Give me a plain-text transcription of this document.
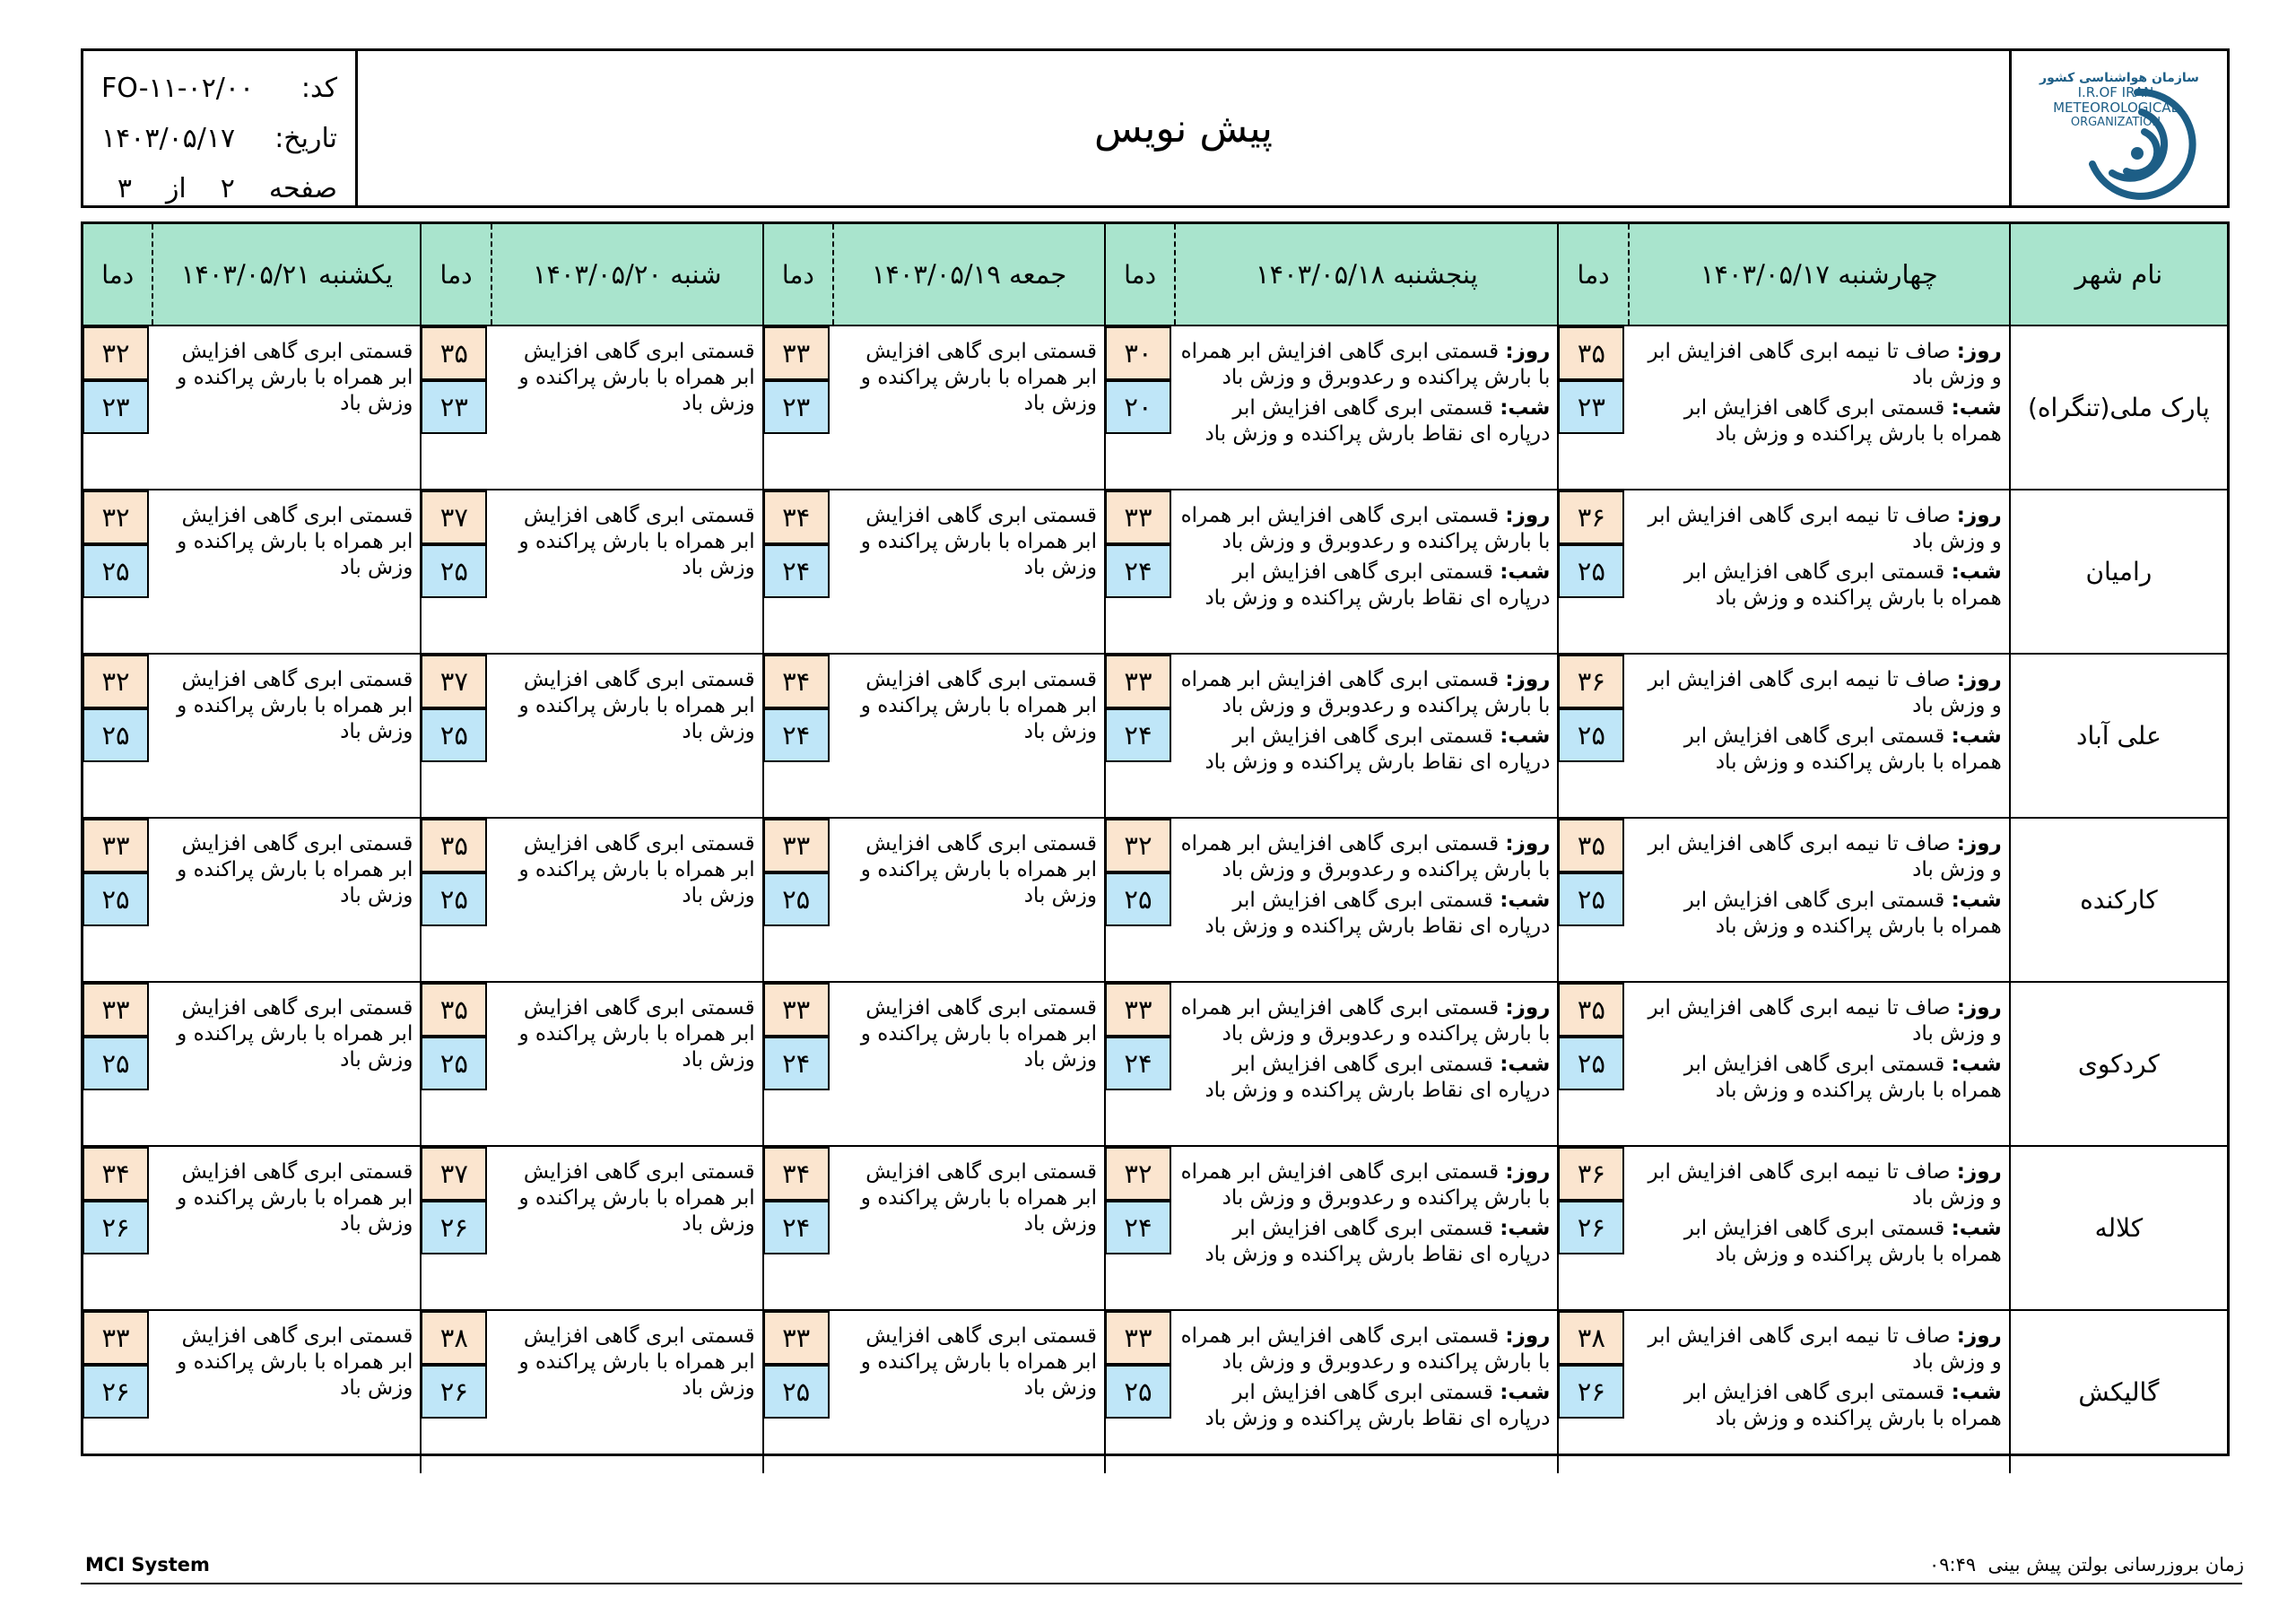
سازمان هواشناسی کشور
I.R.OF IRAN
METEOROLOGICAL
ORGANIZATION
پیش نویس
کد:
FO-۱۱-۰۲/۰۰
تاریخ:
۱۴۰۳/۰۵/۱۷
صفحه
۲
از
۳
نام شهر
چهارشنبه ۱۴۰۳/۰۵/۱۷
دما
پنجشنبه ۱۴۰۳/۰۵/۱۸
دما
جمعه ۱۴۰۳/۰۵/۱۹
دما
شنبه ۱۴۰۳/۰۵/۲۰
دما
یکشنبه ۱۴۰۳/۰۵/۲۱
دما
پارک ملی(تنگراه)
روز: صاف تا نیمه ابری گاهی افزایش ابر و وزش باد
شب: قسمتی ابری گاهی افزایش ابر همراه با بارش پراکنده و وزش باد
۳۵
۲۳
روز: قسمتی ابری گاهی افزایش ابر همراه با بارش پراکنده و رعدوبرق و وزش باد
شب: قسمتی ابری گاهی افزایش ابر درپاره ای نقاط بارش پراکنده و وزش باد
۳۰
۲۰
قسمتی ابری گاهی افزایش ابر همراه با بارش پراکنده و وزش باد
۳۳
۲۳
قسمتی ابری گاهی افزایش ابر همراه با بارش پراکنده و وزش باد
۳۵
۲۳
قسمتی ابری گاهی افزایش ابر همراه با بارش پراکنده و وزش باد
۳۲
۲۳
رامیان
روز: صاف تا نیمه ابری گاهی افزایش ابر و وزش باد
شب: قسمتی ابری گاهی افزایش ابر همراه با بارش پراکنده و وزش باد
۳۶
۲۵
روز: قسمتی ابری گاهی افزایش ابر همراه با بارش پراکنده و رعدوبرق و وزش باد
شب: قسمتی ابری گاهی افزایش ابر درپاره ای نقاط بارش پراکنده و وزش باد
۳۳
۲۴
قسمتی ابری گاهی افزایش ابر همراه با بارش پراکنده و وزش باد
۳۴
۲۴
قسمتی ابری گاهی افزایش ابر همراه با بارش پراکنده و وزش باد
۳۷
۲۵
قسمتی ابری گاهی افزایش ابر همراه با بارش پراکنده و وزش باد
۳۲
۲۵
علی آباد
روز: صاف تا نیمه ابری گاهی افزایش ابر و وزش باد
شب: قسمتی ابری گاهی افزایش ابر همراه با بارش پراکنده و وزش باد
۳۶
۲۵
روز: قسمتی ابری گاهی افزایش ابر همراه با بارش پراکنده و رعدوبرق و وزش باد
شب: قسمتی ابری گاهی افزایش ابر درپاره ای نقاط بارش پراکنده و وزش باد
۳۳
۲۴
قسمتی ابری گاهی افزایش ابر همراه با بارش پراکنده و وزش باد
۳۴
۲۴
قسمتی ابری گاهی افزایش ابر همراه با بارش پراکنده و وزش باد
۳۷
۲۵
قسمتی ابری گاهی افزایش ابر همراه با بارش پراکنده و وزش باد
۳۲
۲۵
کارکنده
روز: صاف تا نیمه ابری گاهی افزایش ابر و وزش باد
شب: قسمتی ابری گاهی افزایش ابر همراه با بارش پراکنده و وزش باد
۳۵
۲۵
روز: قسمتی ابری گاهی افزایش ابر همراه با بارش پراکنده و رعدوبرق و وزش باد
شب: قسمتی ابری گاهی افزایش ابر درپاره ای نقاط بارش پراکنده و وزش باد
۳۲
۲۵
قسمتی ابری گاهی افزایش ابر همراه با بارش پراکنده و وزش باد
۳۳
۲۵
قسمتی ابری گاهی افزایش ابر همراه با بارش پراکنده و وزش باد
۳۵
۲۵
قسمتی ابری گاهی افزایش ابر همراه با بارش پراکنده و وزش باد
۳۳
۲۵
کردکوی
روز: صاف تا نیمه ابری گاهی افزایش ابر و وزش باد
شب: قسمتی ابری گاهی افزایش ابر همراه با بارش پراکنده و وزش باد
۳۵
۲۵
روز: قسمتی ابری گاهی افزایش ابر همراه با بارش پراکنده و رعدوبرق و وزش باد
شب: قسمتی ابری گاهی افزایش ابر درپاره ای نقاط بارش پراکنده و وزش باد
۳۳
۲۴
قسمتی ابری گاهی افزایش ابر همراه با بارش پراکنده و وزش باد
۳۳
۲۴
قسمتی ابری گاهی افزایش ابر همراه با بارش پراکنده و وزش باد
۳۵
۲۵
قسمتی ابری گاهی افزایش ابر همراه با بارش پراکنده و وزش باد
۳۳
۲۵
کلاله
روز: صاف تا نیمه ابری گاهی افزایش ابر و وزش باد
شب: قسمتی ابری گاهی افزایش ابر همراه با بارش پراکنده و وزش باد
۳۶
۲۶
روز: قسمتی ابری گاهی افزایش ابر همراه با بارش پراکنده و رعدوبرق و وزش باد
شب: قسمتی ابری گاهی افزایش ابر درپاره ای نقاط بارش پراکنده و وزش باد
۳۲
۲۴
قسمتی ابری گاهی افزایش ابر همراه با بارش پراکنده و وزش باد
۳۴
۲۴
قسمتی ابری گاهی افزایش ابر همراه با بارش پراکنده و وزش باد
۳۷
۲۶
قسمتی ابری گاهی افزایش ابر همراه با بارش پراکنده و وزش باد
۳۴
۲۶
گالیکش
روز: صاف تا نیمه ابری گاهی افزایش ابر و وزش باد
شب: قسمتی ابری گاهی افزایش ابر همراه با بارش پراکنده و وزش باد
۳۸
۲۶
روز: قسمتی ابری گاهی افزایش ابر همراه با بارش پراکنده و رعدوبرق و وزش باد
شب: قسمتی ابری گاهی افزایش ابر درپاره ای نقاط بارش پراکنده و وزش باد
۳۳
۲۵
قسمتی ابری گاهی افزایش ابر همراه با بارش پراکنده و وزش باد
۳۳
۲۵
قسمتی ابری گاهی افزایش ابر همراه با بارش پراکنده و وزش باد
۳۸
۲۶
قسمتی ابری گاهی افزایش ابر همراه با بارش پراکنده و وزش باد
۳۳
۲۶
زمان بروزرسانی بولتن پیش بینی  ۰۹:۴۹
MCI System
